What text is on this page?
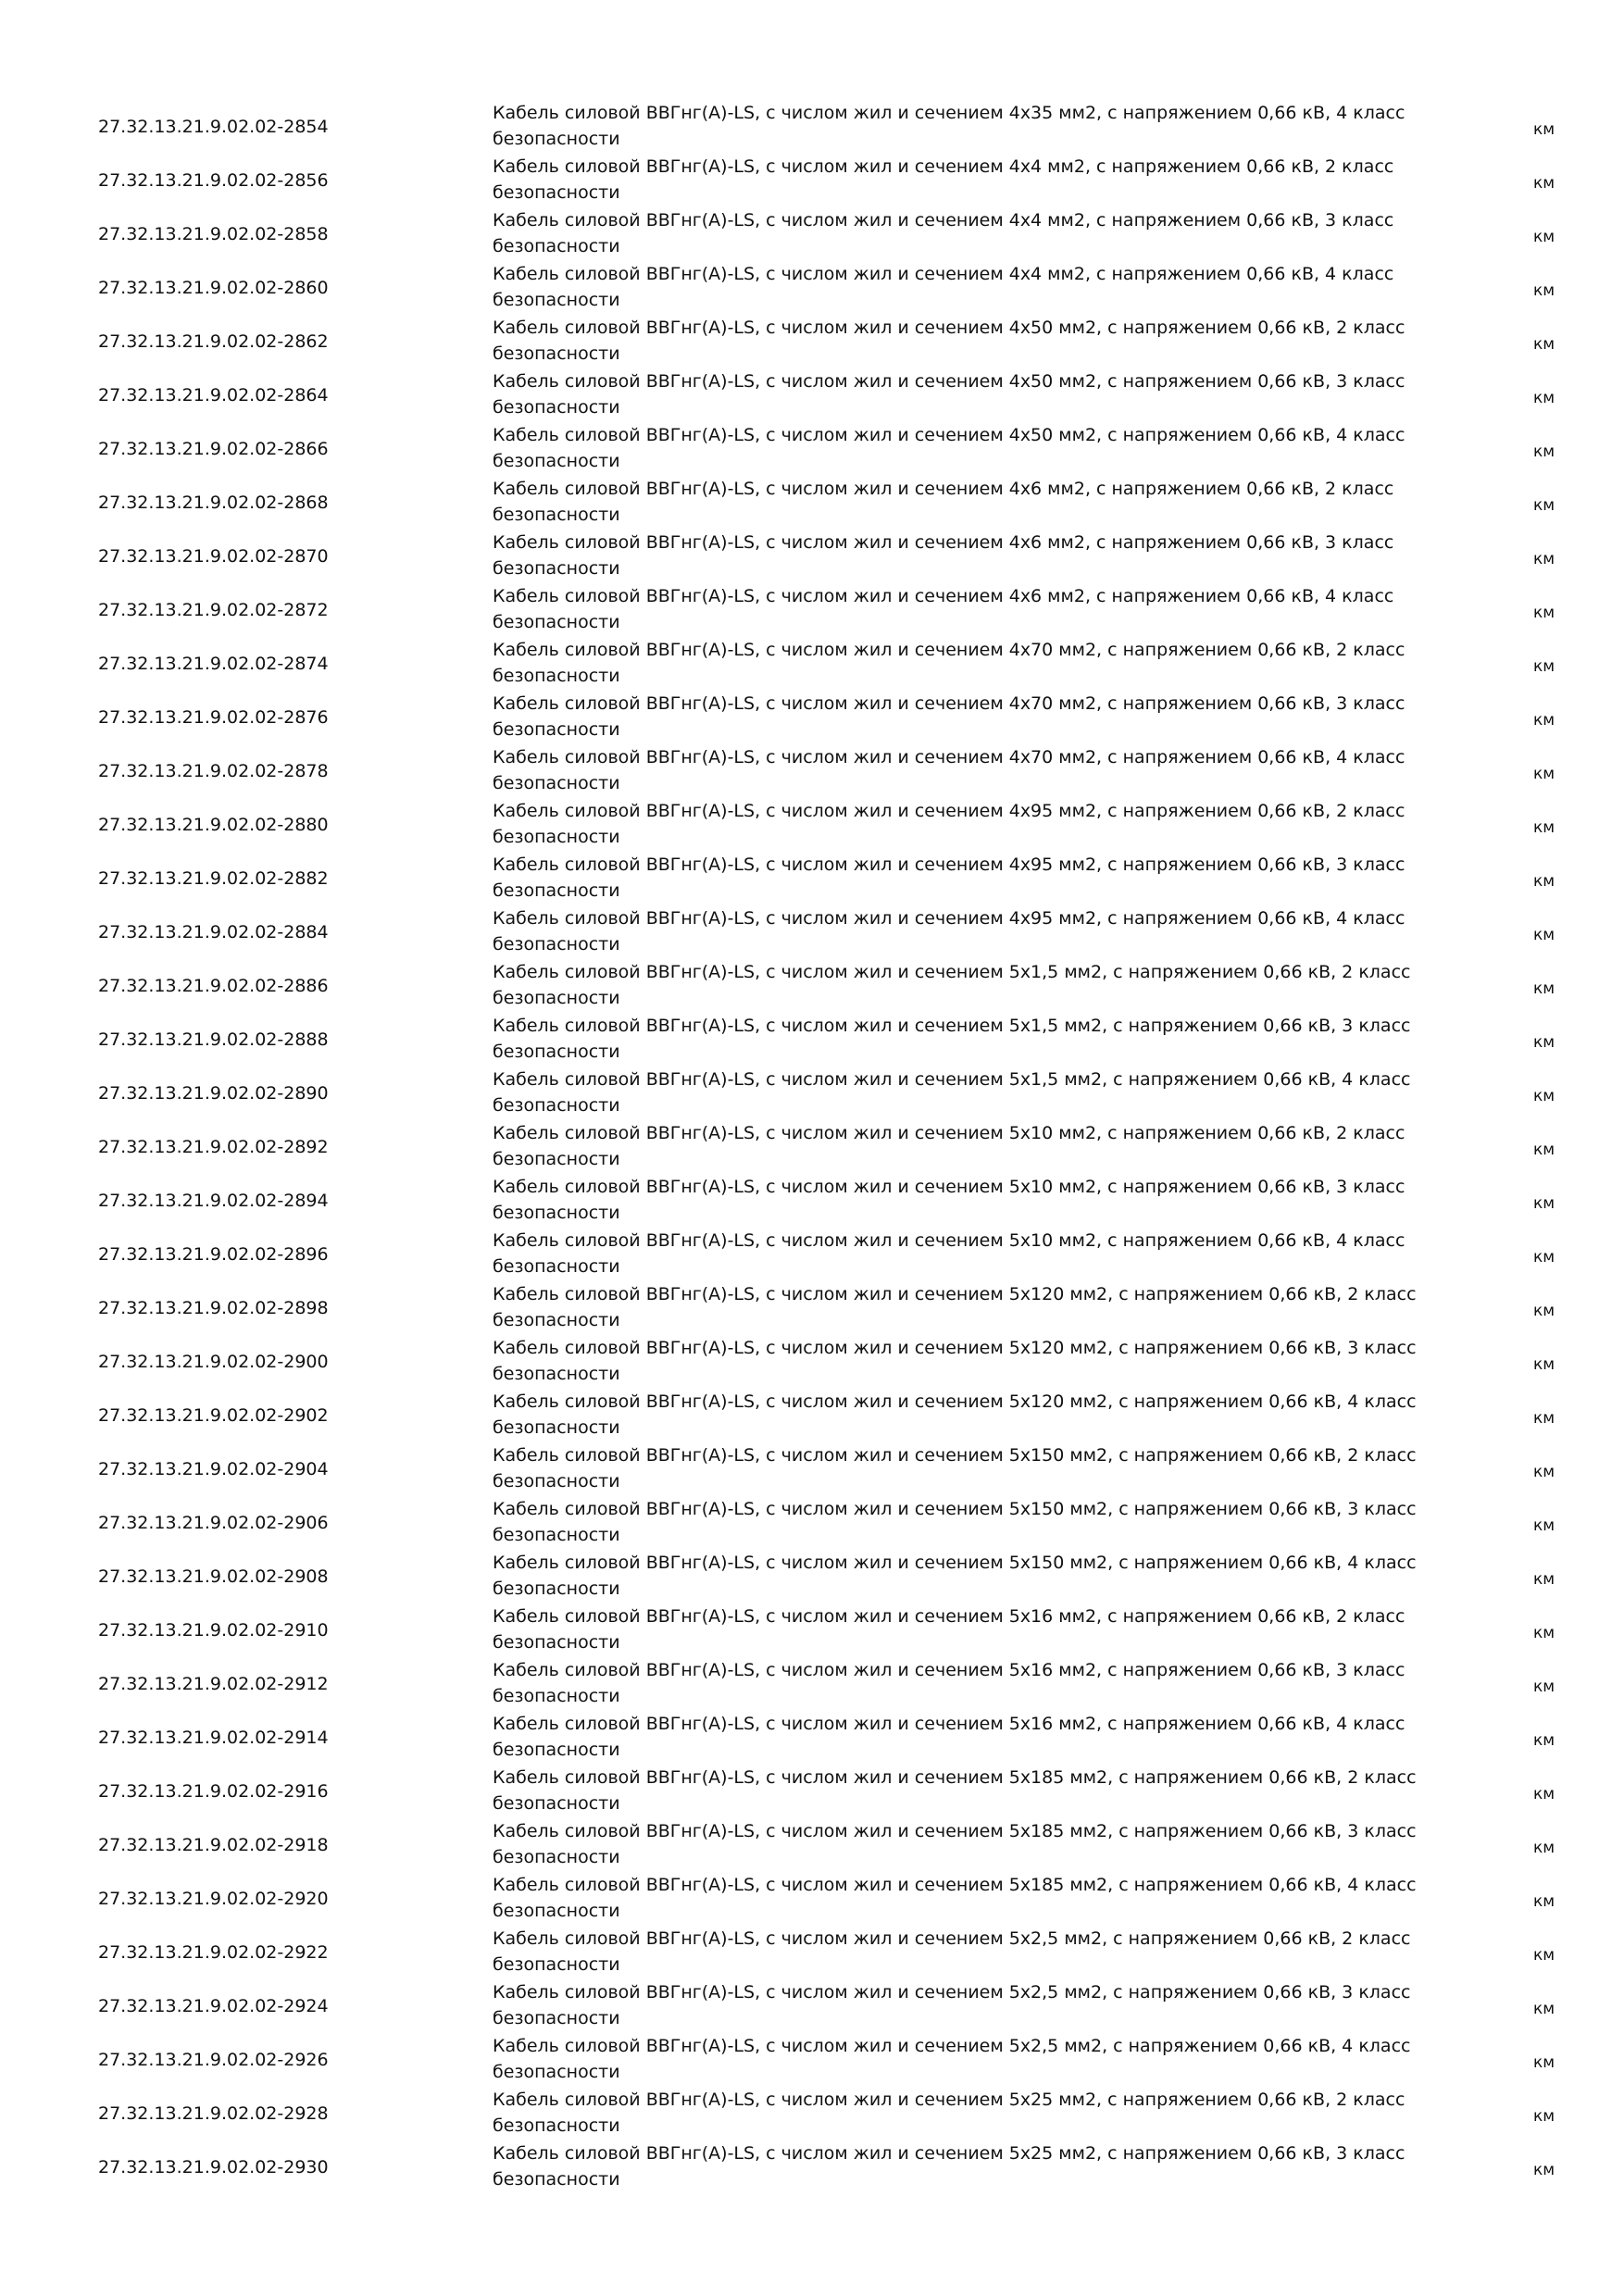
27.32.13.21.9.02.02-2854
Кабель силовой ВВГнг(А)-LS, с числом жил и сечением 4х35 мм2, с напряжением 0,66 кВ, 4 класс
безопасности	км
27.32.13.21.9.02.02-2856
Кабель силовой ВВГнг(А)-LS, с числом жил и сечением 4х4 мм2, с напряжением 0,66 кВ, 2 класс
безопасности	км
27.32.13.21.9.02.02-2858
Кабель силовой ВВГнг(А)-LS, с числом жил и сечением 4х4 мм2, с напряжением 0,66 кВ, 3 класс
безопасности	км
27.32.13.21.9.02.02-2860
Кабель силовой ВВГнг(А)-LS, с числом жил и сечением 4х4 мм2, с напряжением 0,66 кВ, 4 класс
безопасности	км
27.32.13.21.9.02.02-2862
Кабель силовой ВВГнг(А)-LS, с числом жил и сечением 4х50 мм2, с напряжением 0,66 кВ, 2 класс
безопасности	км
27.32.13.21.9.02.02-2864
Кабель силовой ВВГнг(А)-LS, с числом жил и сечением 4х50 мм2, с напряжением 0,66 кВ, 3 класс
безопасности	км
27.32.13.21.9.02.02-2866
Кабель силовой ВВГнг(А)-LS, с числом жил и сечением 4х50 мм2, с напряжением 0,66 кВ, 4 класс
безопасности	км
27.32.13.21.9.02.02-2868
Кабель силовой ВВГнг(А)-LS, с числом жил и сечением 4х6 мм2, с напряжением 0,66 кВ, 2 класс
безопасности	км
27.32.13.21.9.02.02-2870
Кабель силовой ВВГнг(А)-LS, с числом жил и сечением 4х6 мм2, с напряжением 0,66 кВ, 3 класс
безопасности	км
27.32.13.21.9.02.02-2872
Кабель силовой ВВГнг(А)-LS, с числом жил и сечением 4х6 мм2, с напряжением 0,66 кВ, 4 класс
безопасности	км
27.32.13.21.9.02.02-2874
Кабель силовой ВВГнг(А)-LS, с числом жил и сечением 4х70 мм2, с напряжением 0,66 кВ, 2 класс
безопасности	км
27.32.13.21.9.02.02-2876
Кабель силовой ВВГнг(А)-LS, с числом жил и сечением 4х70 мм2, с напряжением 0,66 кВ, 3 класс
безопасности	км
27.32.13.21.9.02.02-2878
Кабель силовой ВВГнг(А)-LS, с числом жил и сечением 4х70 мм2, с напряжением 0,66 кВ, 4 класс
безопасности	км
27.32.13.21.9.02.02-2880
Кабель силовой ВВГнг(А)-LS, с числом жил и сечением 4х95 мм2, с напряжением 0,66 кВ, 2 класс
безопасности	км
27.32.13.21.9.02.02-2882
Кабель силовой ВВГнг(А)-LS, с числом жил и сечением 4х95 мм2, с напряжением 0,66 кВ, 3 класс
безопасности	км
27.32.13.21.9.02.02-2884
Кабель силовой ВВГнг(А)-LS, с числом жил и сечением 4х95 мм2, с напряжением 0,66 кВ, 4 класс
безопасности	км
27.32.13.21.9.02.02-2886
Кабель силовой ВВГнг(А)-LS, с числом жил и сечением 5х1,5 мм2, с напряжением 0,66 кВ, 2 класс
безопасности	км
27.32.13.21.9.02.02-2888
Кабель силовой ВВГнг(А)-LS, с числом жил и сечением 5х1,5 мм2, с напряжением 0,66 кВ, 3 класс
безопасности	км
27.32.13.21.9.02.02-2890
Кабель силовой ВВГнг(А)-LS, с числом жил и сечением 5х1,5 мм2, с напряжением 0,66 кВ, 4 класс
безопасности	км
27.32.13.21.9.02.02-2892
Кабель силовой ВВГнг(А)-LS, с числом жил и сечением 5х10 мм2, с напряжением 0,66 кВ, 2 класс
безопасности	км
27.32.13.21.9.02.02-2894
Кабель силовой ВВГнг(А)-LS, с числом жил и сечением 5х10 мм2, с напряжением 0,66 кВ, 3 класс
безопасности	км
27.32.13.21.9.02.02-2896
Кабель силовой ВВГнг(А)-LS, с числом жил и сечением 5х10 мм2, с напряжением 0,66 кВ, 4 класс
безопасности	км
27.32.13.21.9.02.02-2898
Кабель силовой ВВГнг(А)-LS, с числом жил и сечением 5х120 мм2, с напряжением 0,66 кВ, 2 класс
безопасности	км
27.32.13.21.9.02.02-2900
Кабель силовой ВВГнг(А)-LS, с числом жил и сечением 5х120 мм2, с напряжением 0,66 кВ, 3 класс
безопасности	км
27.32.13.21.9.02.02-2902
Кабель силовой ВВГнг(А)-LS, с числом жил и сечением 5х120 мм2, с напряжением 0,66 кВ, 4 класс
безопасности	км
27.32.13.21.9.02.02-2904
Кабель силовой ВВГнг(А)-LS, с числом жил и сечением 5х150 мм2, с напряжением 0,66 кВ, 2 класс
безопасности	км
27.32.13.21.9.02.02-2906
Кабель силовой ВВГнг(А)-LS, с числом жил и сечением 5х150 мм2, с напряжением 0,66 кВ, 3 класс
безопасности	км
27.32.13.21.9.02.02-2908
Кабель силовой ВВГнг(А)-LS, с числом жил и сечением 5х150 мм2, с напряжением 0,66 кВ, 4 класс
безопасности	км
27.32.13.21.9.02.02-2910
Кабель силовой ВВГнг(А)-LS, с числом жил и сечением 5х16 мм2, с напряжением 0,66 кВ, 2 класс
безопасности	км
27.32.13.21.9.02.02-2912
Кабель силовой ВВГнг(А)-LS, с числом жил и сечением 5х16 мм2, с напряжением 0,66 кВ, 3 класс
безопасности	км
27.32.13.21.9.02.02-2914
Кабель силовой ВВГнг(А)-LS, с числом жил и сечением 5х16 мм2, с напряжением 0,66 кВ, 4 класс
безопасности	км
27.32.13.21.9.02.02-2916
Кабель силовой ВВГнг(А)-LS, с числом жил и сечением 5х185 мм2, с напряжением 0,66 кВ, 2 класс
безопасности	км
27.32.13.21.9.02.02-2918
Кабель силовой ВВГнг(А)-LS, с числом жил и сечением 5х185 мм2, с напряжением 0,66 кВ, 3 класс
безопасности	км
27.32.13.21.9.02.02-2920
Кабель силовой ВВГнг(А)-LS, с числом жил и сечением 5х185 мм2, с напряжением 0,66 кВ, 4 класс
безопасности	км
27.32.13.21.9.02.02-2922
Кабель силовой ВВГнг(А)-LS, с числом жил и сечением 5х2,5 мм2, с напряжением 0,66 кВ, 2 класс
безопасности	км
27.32.13.21.9.02.02-2924
Кабель силовой ВВГнг(А)-LS, с числом жил и сечением 5х2,5 мм2, с напряжением 0,66 кВ, 3 класс
безопасности	км
27.32.13.21.9.02.02-2926
Кабель силовой ВВГнг(А)-LS, с числом жил и сечением 5х2,5 мм2, с напряжением 0,66 кВ, 4 класс
безопасности	км
27.32.13.21.9.02.02-2928
Кабель силовой ВВГнг(А)-LS, с числом жил и сечением 5х25 мм2, с напряжением 0,66 кВ, 2 класс
безопасности	км
27.32.13.21.9.02.02-2930
Кабель силовой ВВГнг(А)-LS, с числом жил и сечением 5х25 мм2, с напряжением 0,66 кВ, 3 класс
безопасности	км
